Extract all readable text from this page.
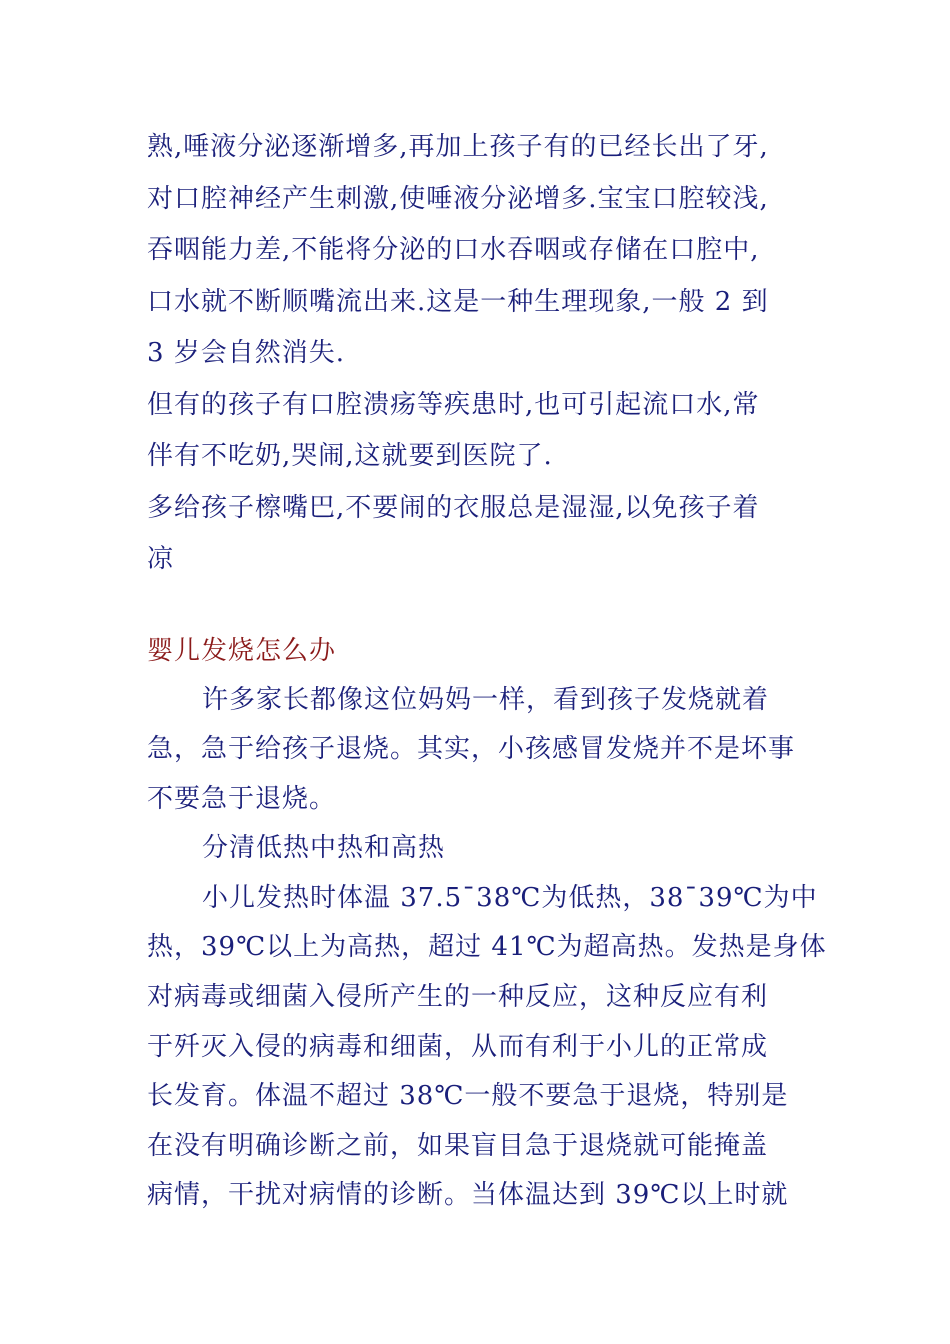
熟,唾液分泌逐渐增多,再加上孩子有的已经长出了牙,
对口腔神经产生刺激,使唾液分泌增多.宝宝口腔较浅,
吞咽能力差,不能将分泌的口水吞咽或存储在口腔中,
口水就不断顺嘴流出来.这是一种生理现象,一般 2 到
3 岁会自然消失.
但有的孩子有口腔溃疡等疾患时,也可引起流口水,常
伴有不吃奶,哭闹,这就要到医院了.
多给孩子檫嘴巴,不要闹的衣服总是湿湿,以免孩子着
凉
婴儿发烧怎么办
许多家长都像这位妈妈一样，看到孩子发烧就着
急，急于给孩子退烧。其实，小孩感冒发烧并不是坏事
不要急于退烧。
分清低热中热和高热
小儿发热时体温 37.5¯38℃为低热，38¯39℃为中
热，39℃以上为高热，超过 41℃为超高热。发热是身体
对病毒或细菌入侵所产生的一种反应，这种反应有利
于歼灭入侵的病毒和细菌，从而有利于小儿的正常成
长发育。体温不超过 38℃一般不要急于退烧，特别是
在没有明确诊断之前，如果盲目急于退烧就可能掩盖
病情，干扰对病情的诊断。当体温达到 39℃以上时就
